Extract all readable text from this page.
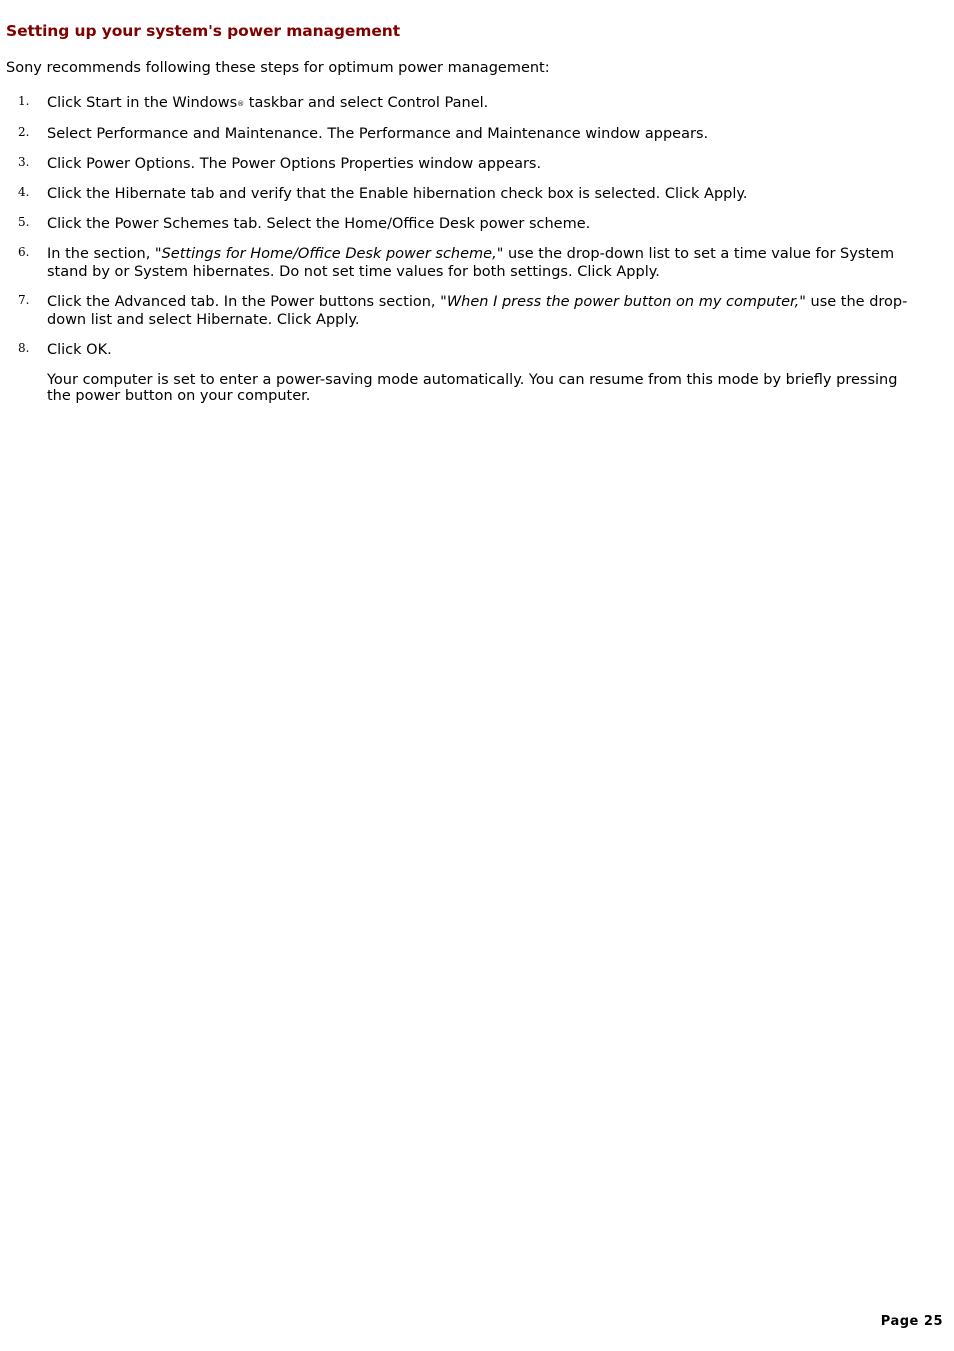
Setting up your system's power management

Sony recommends following these steps for optimum power management:

1. Click Start in the Windows® taskbar and select Control Panel.
2. Select Performance and Maintenance. The Performance and Maintenance window appears.
3. Click Power Options. The Power Options Properties window appears.
4. Click the Hibernate tab and verify that the Enable hibernation check box is selected. Click Apply.
5. Click the Power Schemes tab. Select the Home/Office Desk power scheme.
6. In the section, "Settings for Home/Office Desk power scheme," use the drop-down list to set a time value for System stand by or System hibernates. Do not set time values for both settings. Click Apply.
7. Click the Advanced tab. In the Power buttons section, "When I press the power button on my computer," use the drop-down list and select Hibernate. Click Apply.
8. Click OK.

Your computer is set to enter a power-saving mode automatically. You can resume from this mode by briefly pressing the power button on your computer.

Page 25
